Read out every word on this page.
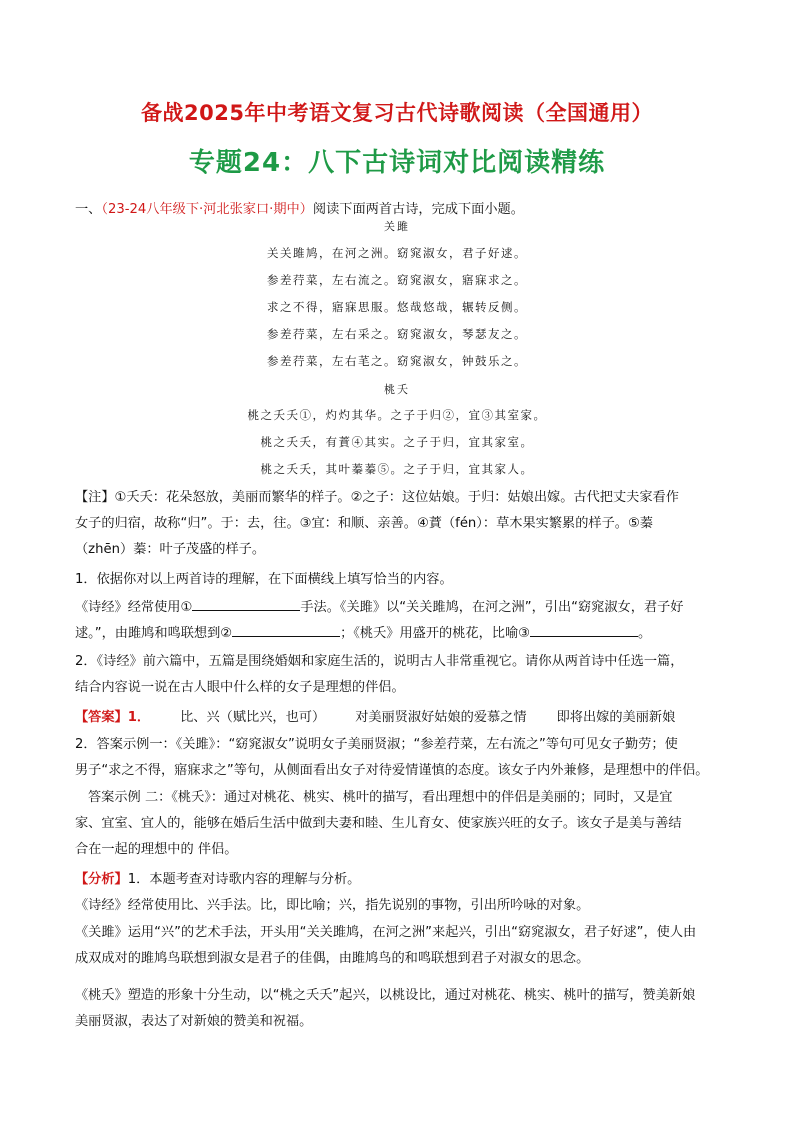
备战2025年中考语文复习古代诗歌阅读（全国通用）
专题24：八下古诗词对比阅读精练
一、（23-24八年级下·河北张家口·期中）阅读下面两首古诗，完成下面小题。
关雎
关关雎鸠，在河之洲。窈窕淑女，君子好逑。
参差荇菜，左右流之。窈窕淑女，寤寐求之。
求之不得，寤寐思服。悠哉悠哉，辗转反侧。
参差荇菜，左右采之。窈窕淑女，琴瑟友之。
参差荇菜，左右芼之。窈窕淑女，钟鼓乐之。
桃夭
桃之夭夭①，灼灼其华。之子于归②，宜③其室家。
桃之夭夭，有蕡④其实。之子于归，宜其家室。
桃之夭夭，其叶蓁蓁⑤。之子于归，宜其家人。
【注】①夭夭：花朵怒放，美丽而繁华的样子。②之子：这位姑娘。于归：姑娘出嫁。古代把丈夫家看作
女子的归宿，故称“归”。于：去，往。③宜：和顺、亲善。④蕡（fén）：草木果实繁累的样子。⑤蓁
（zhēn）蓁：叶子茂盛的样子。
1．依据你对以上两首诗的理解，在下面横线上填写恰当的内容。
《诗经》经常使用①	手法。《关雎》以“关关雎鸠，在河之洲”，引出“窈窕淑女，君子好
逑。”，由雎鸠和鸣联想到②	；《桃夭》用盛开的桃花，比喻③	。
2．《诗经》前六篇中，五篇是围绕婚姻和家庭生活的，说明古人非常重视它。请你从两首诗中任选一篇，
结合内容说一说在古人眼中什么样的女子是理想的伴侣。
【答案】1． 比、兴（赋比兴，也可） 对美丽贤淑好姑娘的爱慕之情 即将出嫁的美丽新娘
2．答案示例一：《关雎》：“窈窕淑女”说明女子美丽贤淑；“参差荇菜，左右流之”等句可见女子勤劳；使
男子“求之不得，寤寐求之”等句，从侧面看出女子对待爱情谨慎的态度。该女子内外兼修，是理想中的伴侣。
答案示例 二：《桃夭》：通过对桃花、桃实、桃叶的描写，看出理想中的伴侣是美丽的；同时，又是宜
家、宜室、宜人的，能够在婚后生活中做到夫妻和睦、生儿育女、使家族兴旺的女子。该女子是美与善结
合在一起的理想中的 伴侣。
【分析】1．本题考查对诗歌内容的理解与分析。
《诗经》经常使用比、兴手法。比，即比喻；兴，指先说别的事物，引出所吟咏的对象。
《关雎》运用“兴”的艺术手法，开头用“关关雎鸠，在河之洲”来起兴，引出“窈窕淑女，君子好逑”，使人由
成双成对的雎鸠鸟联想到淑女是君子的佳偶，由雎鸠鸟的和鸣联想到君子对淑女的思念。
《桃夭》塑造的形象十分生动，以“桃之夭夭”起兴，以桃设比，通过对桃花、桃实、桃叶的描写，赞美新娘
美丽贤淑，表达了对新娘的赞美和祝福。
